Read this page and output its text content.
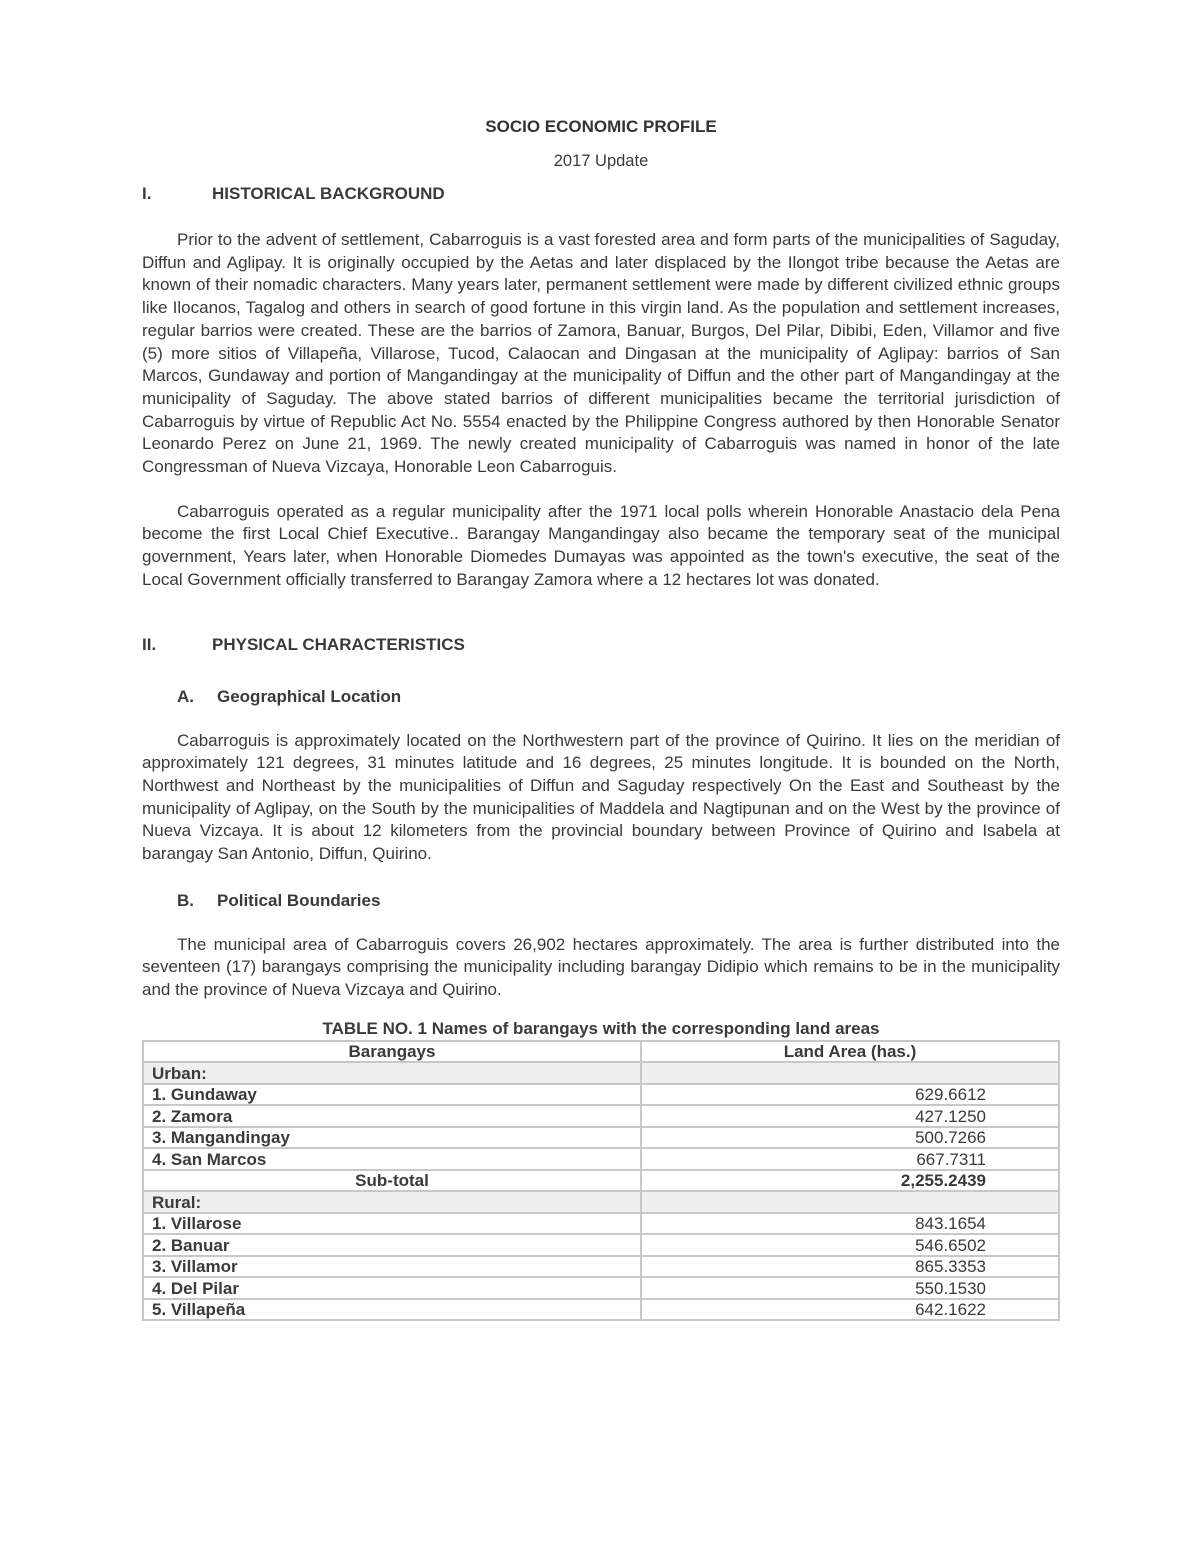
SOCIO ECONOMIC PROFILE
2017 Update
I.	HISTORICAL BACKGROUND

Prior to the advent of settlement, Cabarroguis is a vast forested area and form parts of the municipalities of Saguday, Diffun and Aglipay. It is originally occupied by the Aetas and later displaced by the Ilongot tribe because the Aetas are known of their nomadic characters. Many years later, permanent settlement were made by different civilized ethnic groups like Ilocanos, Tagalog and others in search of good fortune in this virgin land. As the population and settlement increases, regular barrios were created. These are the barrios of Zamora, Banuar, Burgos, Del Pilar, Dibibi, Eden, Villamor and five (5) more sitios of Villapeña, Villarose, Tucod, Calaocan and Dingasan at the municipality of Aglipay: barrios of San Marcos, Gundaway and portion of Mangandingay at the municipality of Diffun and the other part of Mangandingay at the municipality of Saguday. The above stated barrios of different municipalities became the territorial jurisdiction of Cabarroguis by virtue of Republic Act No. 5554 enacted by the Philippine Congress authored by then Honorable Senator Leonardo Perez on June 21, 1969. The newly created municipality of Cabarroguis was named in honor of the late Congressman of Nueva Vizcaya, Honorable Leon Cabarroguis.

Cabarroguis operated as a regular municipality after the 1971 local polls wherein Honorable Anastacio dela Pena become the first Local Chief Executive.. Barangay Mangandingay also became the temporary seat of the municipal government, Years later, when Honorable Diomedes Dumayas was appointed as the town's executive, the seat of the Local Government officially transferred to Barangay Zamora where a 12 hectares lot was donated.

II.	PHYSICAL CHARACTERISTICS
A.	Geographical Location

Cabarroguis is approximately located on the Northwestern part of the province of Quirino. It lies on the meridian of approximately 121 degrees, 31 minutes latitude and 16 degrees, 25 minutes longitude. It is bounded on the North, Northwest and Northeast by the municipalities of Diffun and Saguday respectively On the East and Southeast by the municipality of Aglipay, on the South by the municipalities of Maddela and Nagtipunan and on the West by the province of Nueva Vizcaya. It is about 12 kilometers from the provincial boundary between Province of Quirino and Isabela at barangay San Antonio, Diffun, Quirino.

B.	Political Boundaries

The municipal area of Cabarroguis covers 26,902 hectares approximately. The area is further distributed into the seventeen (17) barangays comprising the municipality including barangay Didipio which remains to be in the municipality and the province of Nueva Vizcaya and Quirino.

TABLE NO. 1 Names of barangays with the corresponding land areas
Barangays	Land Area (has.)
Urban:	
1. Gundaway	629.6612
2. Zamora	427.1250
3. Mangandingay	500.7266
4. San Marcos	667.7311
Sub-total	2,255.2439
Rural:	
1. Villarose	843.1654
2. Banuar	546.6502
3. Villamor	865.3353
4. Del Pilar	550.1530
5. Villapeña	642.1622
